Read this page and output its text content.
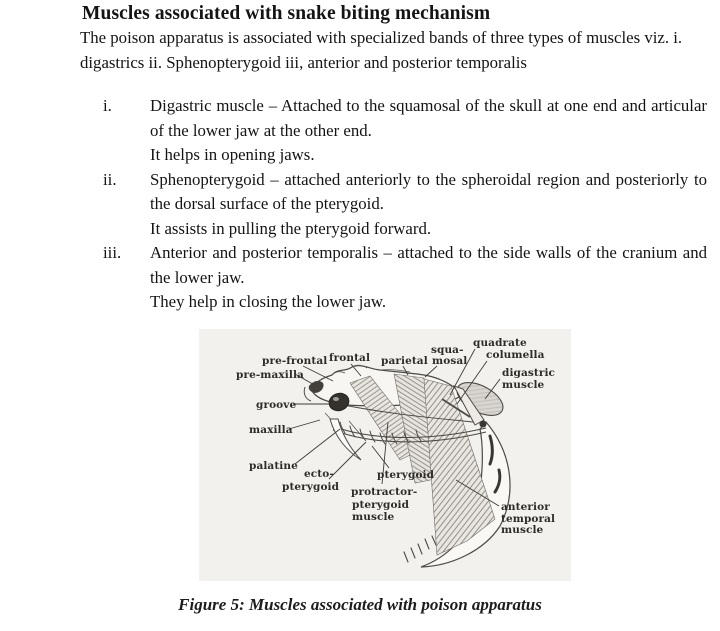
Muscles associated with snake biting mechanism

The poison apparatus is associated with specialized bands of three types of muscles viz. i. digastrics ii. Sphenopterygoid iii, anterior and posterior temporalis

i.	Digastric muscle – Attached to the squamosal of the skull at one end and articular of the lower jaw at the other end.
It helps in opening jaws.
ii.	Sphenopterygoid – attached anteriorly to the spheroidal region and posteriorly to the dorsal surface of the pterygoid.
It assists in pulling the pterygoid forward.
iii.	Anterior and posterior temporalis – attached to the side walls of the cranium and the lower jaw.
They help in closing the lower jaw.
pre-frontal frontal parietal
squa-
mosal
quadrate
columella
digastric
muscle
pre-maxilla
groove
maxilla
palatine
ecto-
pterygoid
pterygoid
protractor-
pterygoid
muscle
anterior
temporal
muscle
Figure 5: Muscles associated with poison apparatus
